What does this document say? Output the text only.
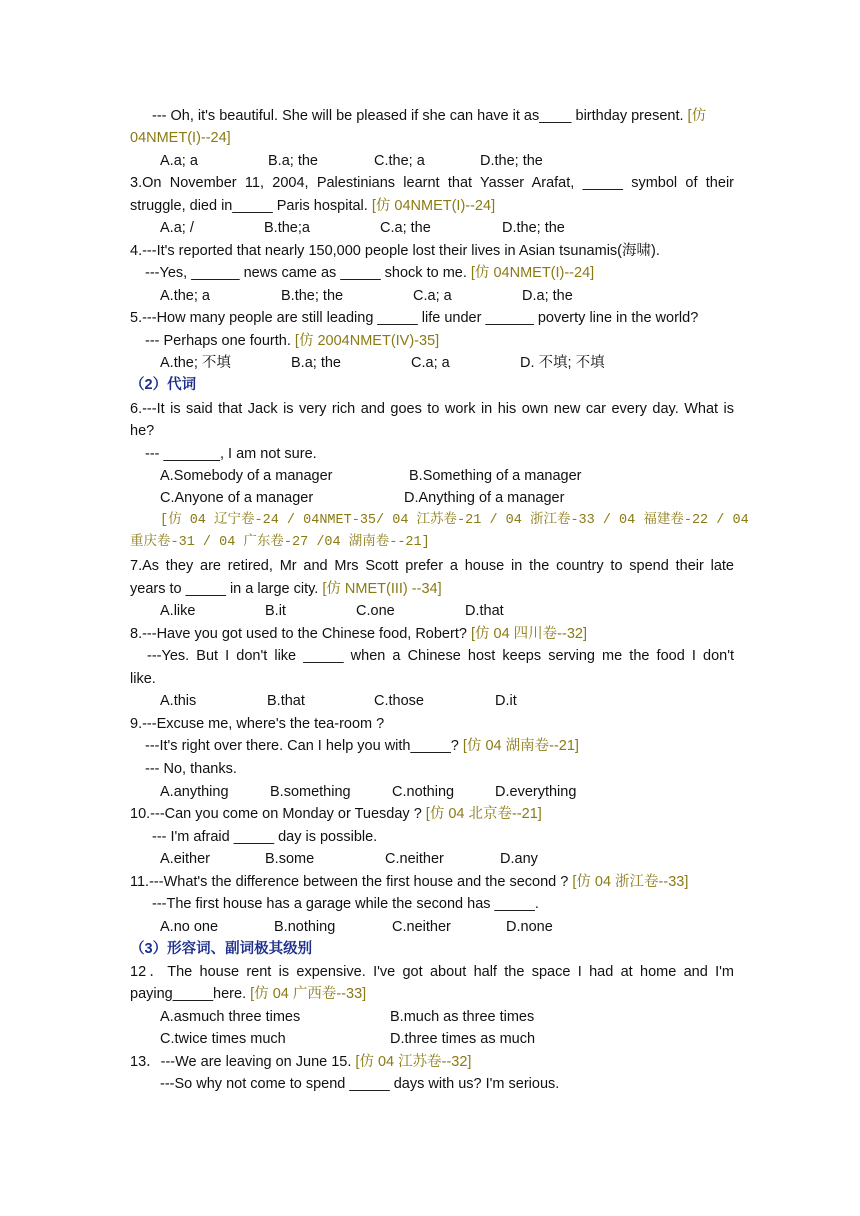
--- Oh, it's beautiful. She will be pleased if she can have it as____ birthday present. [仿
04NMET(I)--24]
A.a; a	B.a; the	C.the; a	D.the; the
3.On November 11, 2004, Palestinians learnt that Yasser Arafat, _____ symbol of their
struggle, died in_____ Paris hospital. [仿 04NMET(I)--24]
A.a; /	B.the;a	C.a; the	D.the; the
4.---It's reported that nearly 150,000 people lost their lives in Asian tsunamis(海啸).
---Yes, ______ news came as _____ shock to me. [仿 04NMET(I)--24]
A.the; a	B.the; the	C.a; a	D.a; the
5.---How many people are still leading _____ life under ______ poverty line in the world?
--- Perhaps one fourth. [仿 2004NMET(IV)-35]
A.the; 不填	B.a; the	C.a; a	D. 不填; 不填
（2）代词
6.---It is said that Jack is very rich and goes to work in his own new car every day. What is
he?
--- _______, I am not sure.
A.Somebody of a manager	B.Something of a manager
C.Anyone of a manager	D.Anything of a manager
[仿 04 辽宁卷-24 / 04NMET-35/ 04 江苏卷-21 / 04 浙江卷-33 / 04 福建卷-22 / 04
重庆卷-31 / 04 广东卷-27 /04 湖南卷--21]
7.As they are retired, Mr and Mrs Scott prefer a house in the country to spend their late
years to _____ in a large city. [仿 NMET(III) --34]
A.like	B.it	C.one	D.that
8.---Have you got used to the Chinese food, Robert? [仿 04 四川卷--32]
---Yes. But I don't like _____ when a Chinese host keeps serving me the food I don't
like.
A.this	B.that	C.those	D.it
9.---Excuse me, where's the tea-room ?
---It's right over there. Can I help you with_____? [仿 04 湖南卷--21]
--- No, thanks.
A.anything	B.something	C.nothing	D.everything
10.---Can you come on Monday or Tuesday ? [仿 04 北京卷--21]
--- I'm afraid _____ day is possible.
A.either	B.some	C.neither	D.any
11.---What's the difference between the first house and the second ? [仿 04 浙江卷--33]
---The first house has a garage while the second has _____.
A.no one	B.nothing	C.neither	D.none
（3）形容词、副词极其级别
12．The house rent is expensive. I've got about half the space I had at home and I'm
paying_____here. [仿 04 广西卷--33]
A.asmuch three times	B.much as three times
C.twice times much	D.three times as much
13．---We are leaving on June 15. [仿 04 江苏卷--32]
---So why not come to spend _____ days with us? I'm serious.
